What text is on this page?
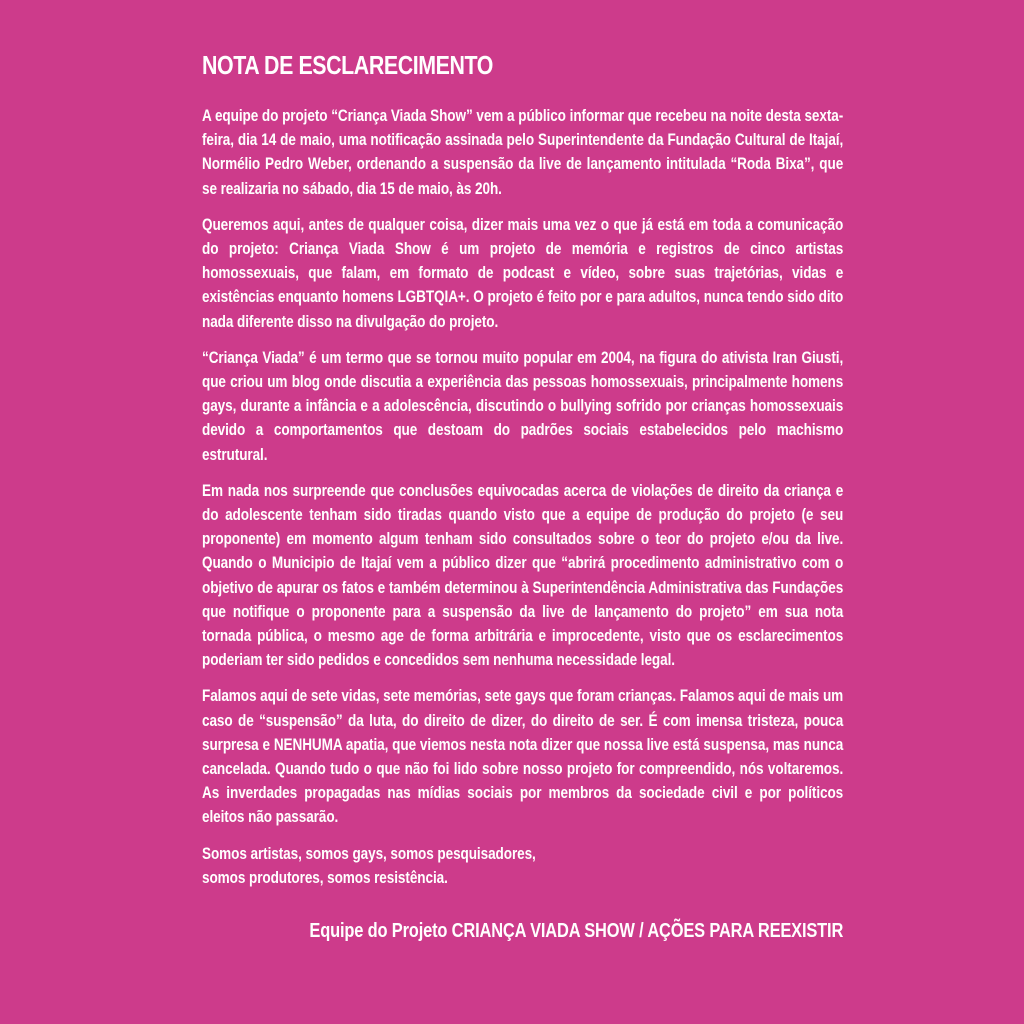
NOTA DE ESCLARECIMENTO

A equipe do projeto “Criança Viada Show” vem a público informar que recebeu na noite desta sexta-feira, dia 14 de maio, uma notificação assinada pelo Superintendente da Fundação Cultural de Itajaí, Normélio Pedro Weber, ordenando a suspensão da live de lançamento intitulada “Roda Bixa”, que se realizaria no sábado, dia 15 de maio, às 20h.

Queremos aqui, antes de qualquer coisa, dizer mais uma vez o que já está em toda a comunicação do projeto: Criança Viada Show é um projeto de memória e registros de cinco artistas homossexuais, que falam, em formato de podcast e vídeo, sobre suas trajetórias, vidas e existências enquanto homens LGBTQIA+. O projeto é feito por e para adultos, nunca tendo sido dito nada diferente disso na divulgação do projeto.

“Criança Viada” é um termo que se tornou muito popular em 2004, na figura do ativista Iran Giusti, que criou um blog onde discutia a experiência das pessoas homossexuais, principalmente homens gays, durante a infância e a adolescência, discutindo o bullying sofrido por crianças homossexuais devido a comportamentos que destoam do padrões sociais estabelecidos pelo machismo estrutural.

Em nada nos surpreende que conclusões equivocadas acerca de violações de direito da criança e do adolescente tenham sido tiradas quando visto que a equipe de produção do projeto (e seu proponente) em momento algum tenham sido consultados sobre o teor do projeto e/ou da live. Quando o Municipio de Itajaí vem a público dizer que “abrirá procedimento administrativo com o objetivo de apurar os fatos e também determinou à Superintendência Administrativa das Fundações que notifique o proponente para a suspensão da live de lançamento do projeto” em sua nota tornada pública, o mesmo age de forma arbitrária e improcedente, visto que os esclarecimentos poderiam ter sido pedidos e concedidos sem nenhuma necessidade legal.

Falamos aqui de sete vidas, sete memórias, sete gays que foram crianças. Falamos aqui de mais um caso de “suspensão” da luta, do direito de dizer, do direito de ser. É com imensa tristeza, pouca surpresa e NENHUMA apatia, que viemos nesta nota dizer que nossa live está suspensa, mas nunca cancelada. Quando tudo o que não foi lido sobre nosso projeto for compreendido, nós voltaremos. As inverdades propagadas nas mídias sociais por membros da sociedade civil e por políticos eleitos não passarão.

Somos artistas, somos gays, somos pesquisadores,
somos produtores, somos resistência.

Equipe do Projeto CRIANÇA VIADA SHOW / AÇÕES PARA REEXISTIR
